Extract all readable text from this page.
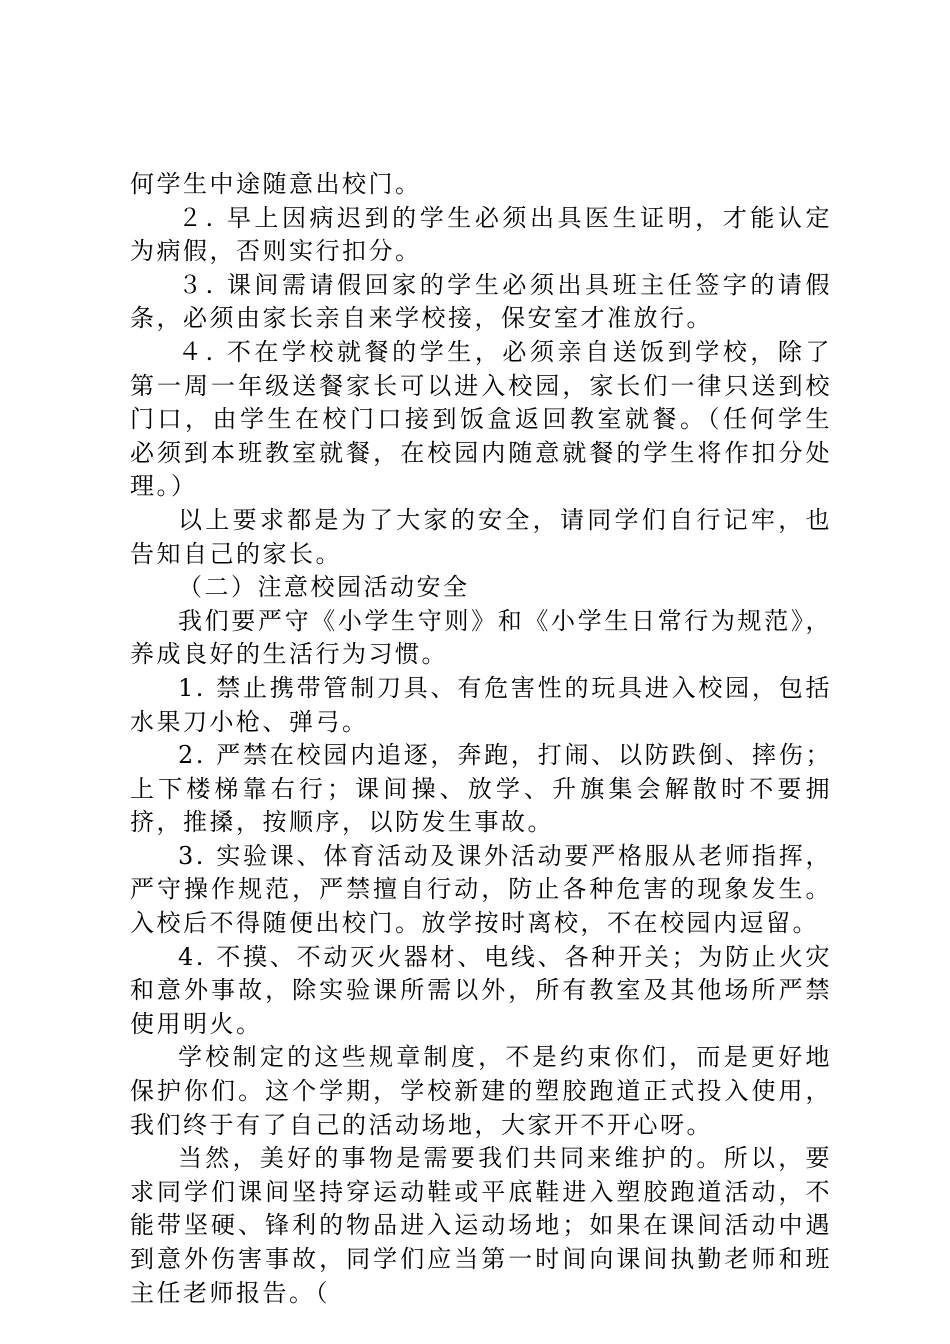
何学生中途随意出校门。

２. 早上因病迟到的学生必须出具医生证明，才能认定为病假，否则实行扣分。

３. 课间需请假回家的学生必须出具班主任签字的请假条，必须由家长亲自来学校接，保安室才准放行。

４. 不在学校就餐的学生，必须亲自送饭到学校，除了第一周一年级送餐家长可以进入校园，家长们一律只送到校门口，由学生在校门口接到饭盒返回教室就餐。（任何学生必须到本班教室就餐，在校园内随意就餐的学生将作扣分处理。）

以上要求都是为了大家的安全，请同学们自行记牢，也告知自己的家长。

（二）注意校园活动安全

我们要严守《小学生守则》和《小学生日常行为规范》，养成良好的生活行为习惯。

1. 禁止携带管制刀具、有危害性的玩具进入校园，包括水果刀小枪、弹弓。

2. 严禁在校园内追逐，奔跑，打闹、以防跌倒、摔伤；上下楼梯靠右行；课间操、放学、升旗集会解散时不要拥挤，推搡，按顺序，以防发生事故。

3. 实验课、体育活动及课外活动要严格服从老师指挥，严守操作规范，严禁擅自行动，防止各种危害的现象发生。入校后不得随便出校门。放学按时离校，不在校园内逗留。

4. 不摸、不动灭火器材、电线、各种开关；为防止火灾和意外事故，除实验课所需以外，所有教室及其他场所严禁使用明火。

学校制定的这些规章制度，不是约束你们，而是更好地保护你们。这个学期，学校新建的塑胶跑道正式投入使用，我们终于有了自己的活动场地，大家开不开心呀。

当然，美好的事物是需要我们共同来维护的。所以，要求同学们课间坚持穿运动鞋或平底鞋进入塑胶跑道活动，不能带坚硬、锋利的物品进入运动场地；如果在课间活动中遇到意外伤害事故，同学们应当第一时间向课间执勤老师和班主任老师报告。（
